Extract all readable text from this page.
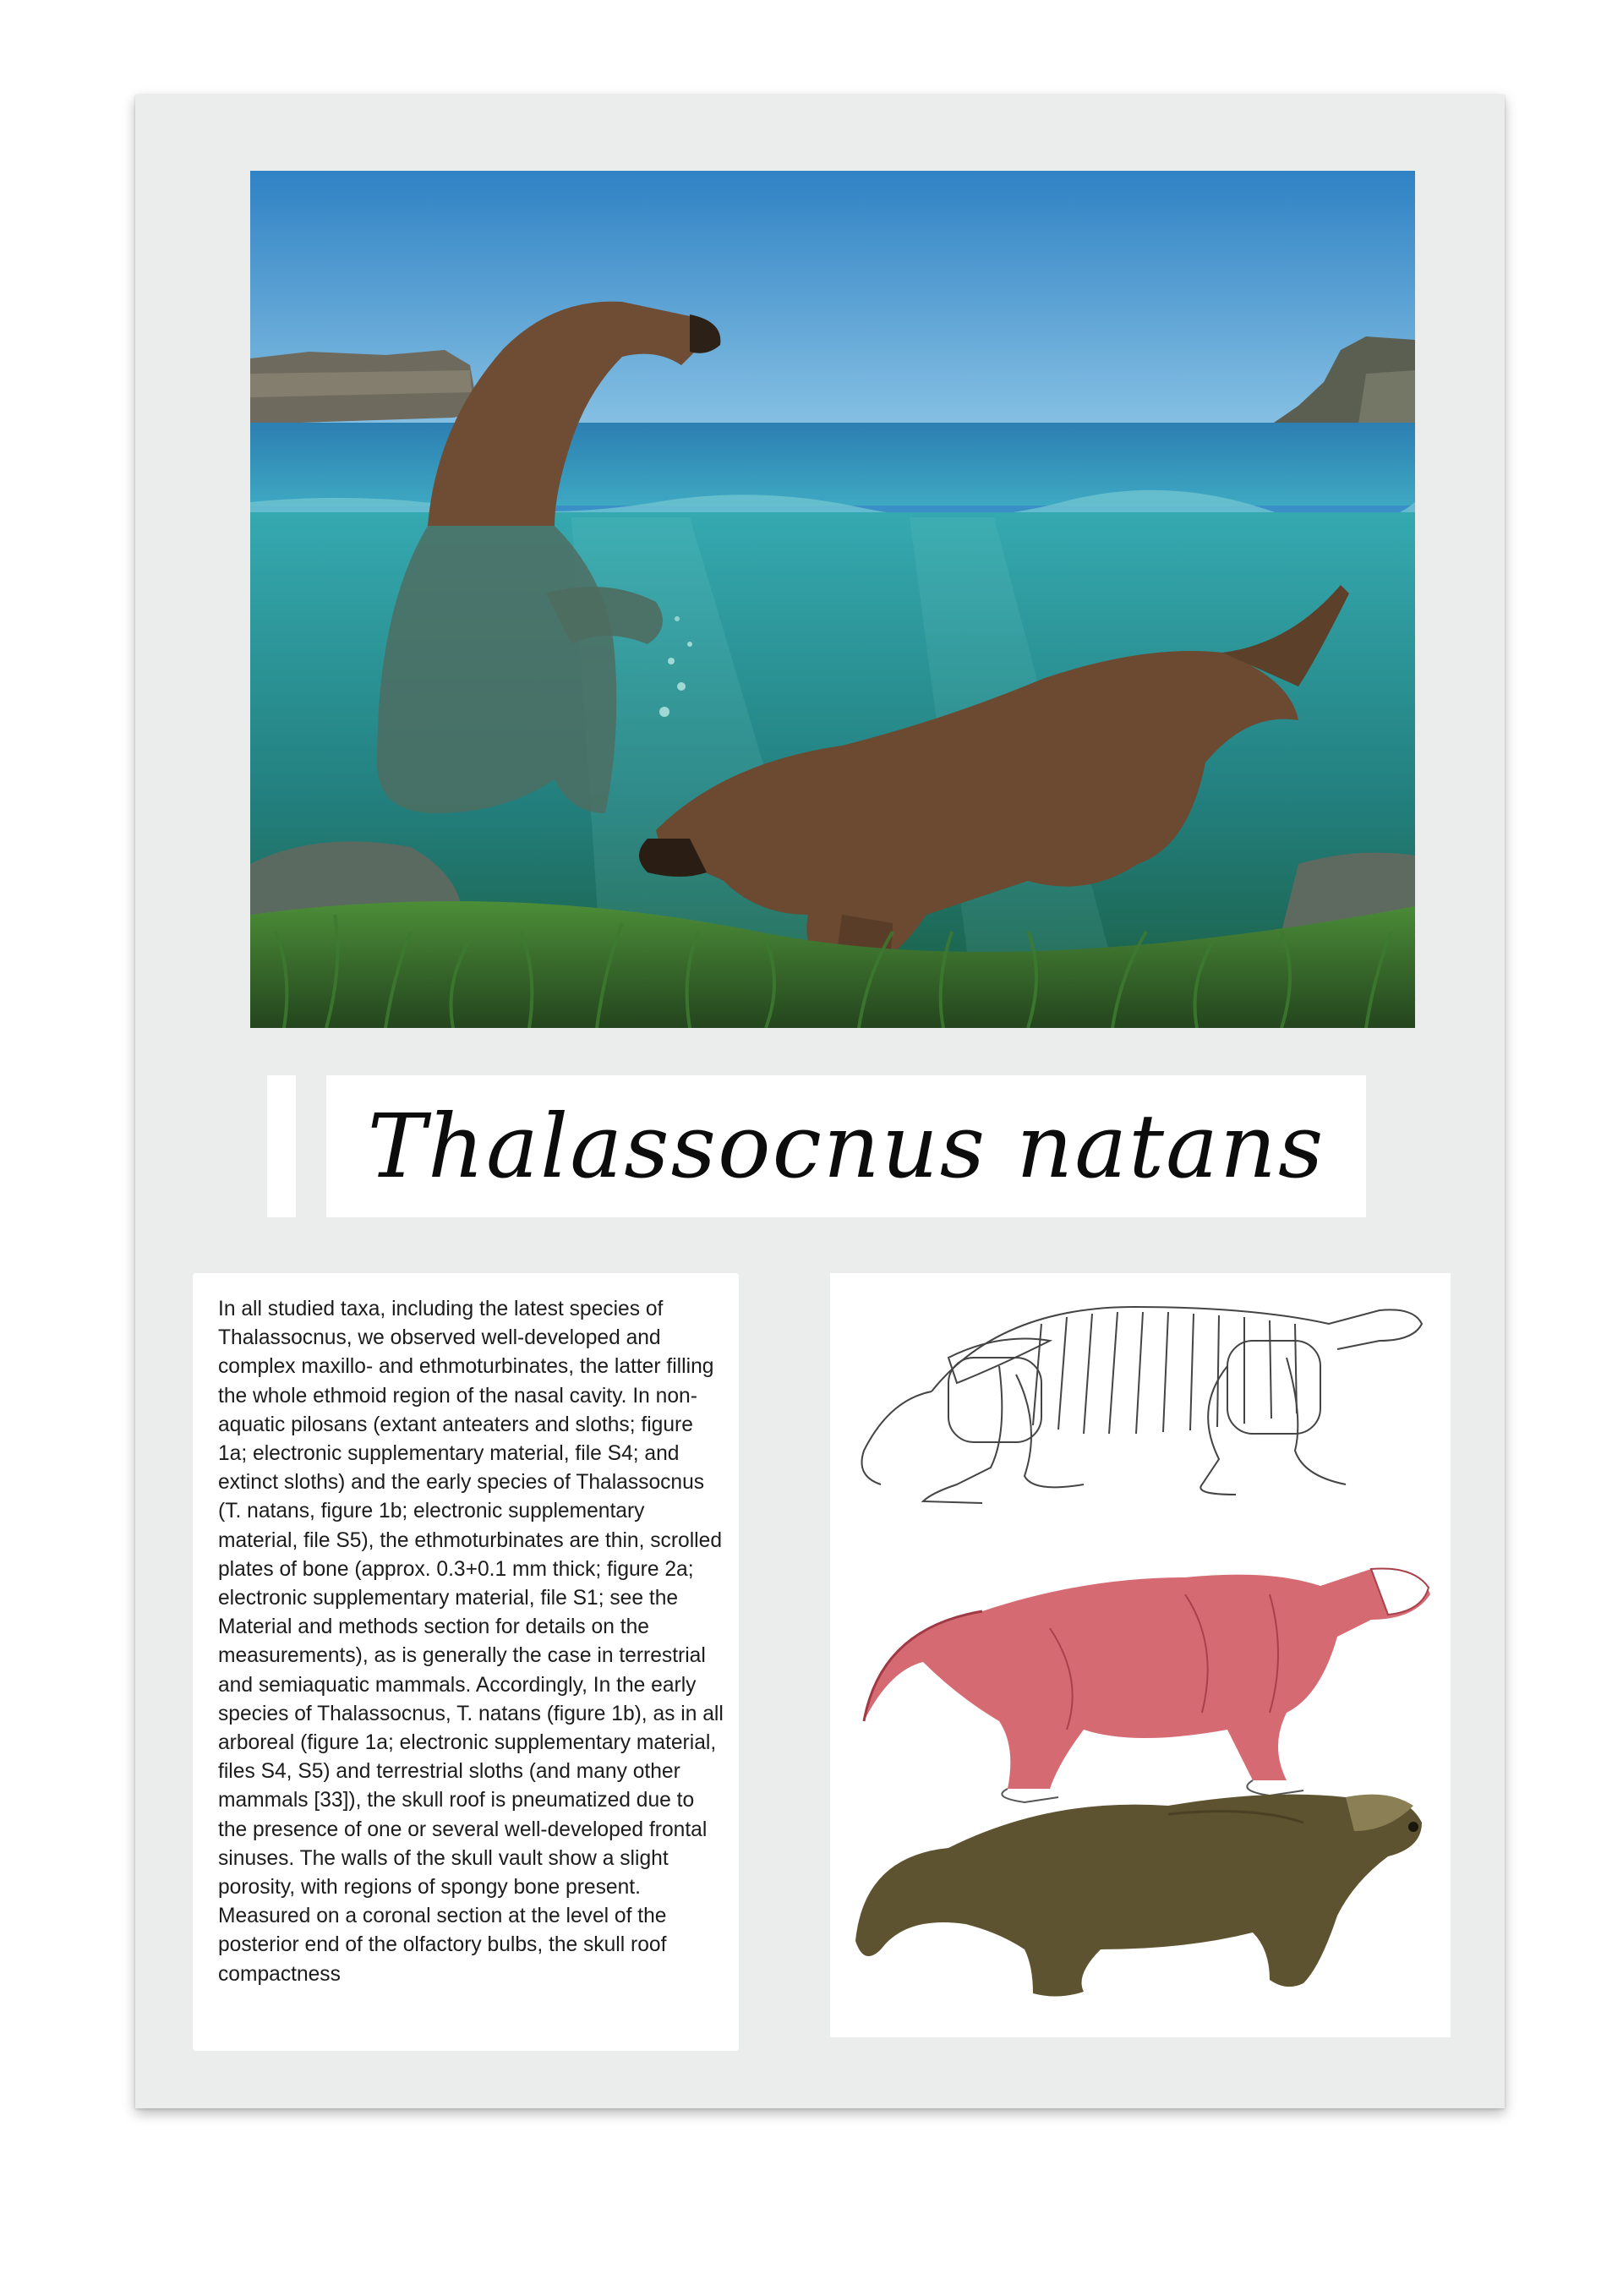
Thalassocnus natans

In all studied taxa, including the latest species of Thalassocnus, we observed well-developed and complex maxillo- and ethmoturbinates, the latter filling the whole ethmoid region of the nasal cavity. In non-aquatic pilosans (extant anteaters and sloths; figure 1a; electronic supplementary material, file S4; and extinct sloths) and the early species of Thalassocnus (T. natans, figure 1b; electronic supplementary material, file S5), the ethmoturbinates are thin, scrolled plates of bone (approx. 0.3+0.1 mm thick; figure 2a; electronic supplementary material, file S1; see the Material and methods section for details on the measurements), as is generally the case in terrestrial and semiaquatic mammals. Accordingly, In the early species of Thalassocnus, T. natans (figure 1b), as in all arboreal (figure 1a; electronic supplementary material, files S4, S5) and terrestrial sloths (and many other mammals [33]), the skull roof is pneumatized due to the presence of one or several well-developed frontal sinuses. The walls of the skull vault show a slight porosity, with regions of spongy bone present. Measured on a coronal section at the level of the posterior end of the olfactory bulbs, the skull roof compactness
